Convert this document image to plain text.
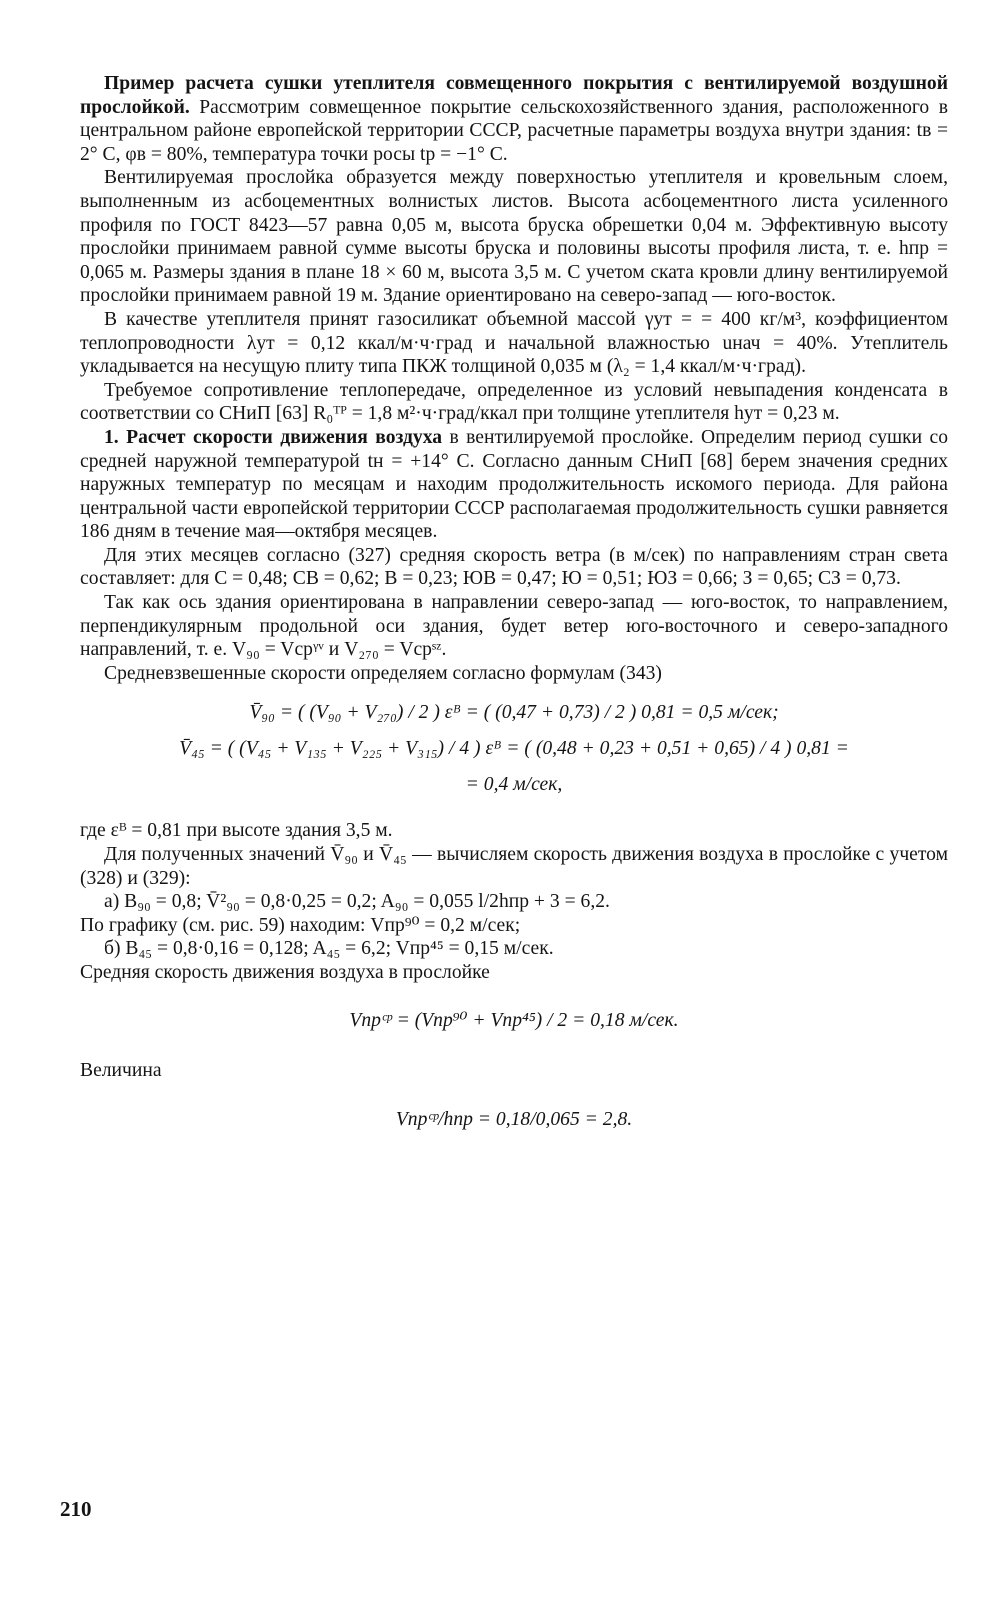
Пример расчета сушки утеплителя совмещенного покрытия с вентилируемой воздушной прослойкой. Рассмотрим совмещенное покрытие сельскохозяйственного здания, расположенного в центральном районе европейской территории СССР, расчетные параметры воздуха внутри здания: tв = 2° С, φв = 80%, температура точки росы tр = −1° С.

Вентилируемая прослойка образуется между поверхностью утеплителя и кровельным слоем, выполненным из асбоцементных волнистых листов. Высота асбоцементного листа усиленного профиля по ГОСТ 8423—57 равна 0,05 м, высота бруска обрешетки 0,04 м. Эффективную высоту прослойки принимаем равной сумме высоты бруска и половины высоты профиля листа, т. е. hпр = 0,065 м. Размеры здания в плане 18 × 60 м, высота 3,5 м. С учетом ската кровли длину вентилируемой прослойки принимаем равной 19 м. Здание ориентировано на северо-запад — юго-восток.

В качестве утеплителя принят газосиликат объемной массой γут = = 400 кг/м³, коэффициентом теплопроводности λут = 0,12 ккал/м·ч·град и начальной влажностью uнач = 40%. Утеплитель укладывается на несущую плиту типа ПКЖ толщиной 0,035 м (λ₂ = 1,4 ккал/м·ч·град).

Требуемое сопротивление теплопередаче, определенное из условий невыпадения конденсата в соответствии со СНиП [63] R₀ᵀᴾ = 1,8 м²·ч·град/ккал при толщине утеплителя hут = 0,23 м.

1. Расчет скорости движения воздуха в вентилируемой прослойке. Определим период сушки со средней наружной температурой tн = +14° С. Согласно данным СНиП [68] берем значения средних наружных температур по месяцам и находим продолжительность искомого периода. Для района центральной части европейской территории СССР располагаемая продолжительность сушки равняется 186 дням в течение мая—октября месяцев.

Для этих месяцев согласно (327) средняя скорость ветра (в м/сек) по направлениям стран света составляет: для С = 0,48; СВ = 0,62; В = 0,23; ЮВ = 0,47; Ю = 0,51; ЮЗ = 0,66; З = 0,65; СЗ = 0,73.

Так как ось здания ориентирована в направлении северо-запад — юго-восток, то направлением, перпендикулярным продольной оси здания, будет ветер юго-восточного и северо-западного направлений, т. е. V₉₀ = Vсрᵞᵛ и V₂₇₀ = Vсрˢᶻ.

Средневзвешенные скорости определяем согласно формулам (343)

V̄₉₀ = ( (V₉₀ + V₂₇₀) / 2 ) εᴮ = ( (0,47 + 0,73) / 2 ) 0,81 = 0,5 м/сек;
V̄₄₅ = ( (V₄₅ + V₁₃₅ + V₂₂₅ + V₃₁₅) / 4 ) εᴮ = ( (0,48 + 0,23 + 0,51 + 0,65) / 4 ) 0,81 =
= 0,4 м/сек,

где εᴮ = 0,81 при высоте здания 3,5 м.

Для полученных значений V̄₉₀ и V̄₄₅ — вычисляем скорость движения воздуха в прослойке с учетом (328) и (329):

а) B₉₀ = 0,8; V̄²₉₀ = 0,8·0,25 = 0,2; A₉₀ = 0,055 l/2hпр + 3 = 6,2.

По графику (см. рис. 59) находим: Vпр⁹⁰ = 0,2 м/сек;

б) B₄₅ = 0,8·0,16 = 0,128; A₄₅ = 6,2; Vпр⁴⁵ = 0,15 м/сек.

Средняя скорость движения воздуха в прослойке

Vпрᶜᵖ = (Vпр⁹⁰ + Vпр⁴⁵) / 2 = 0,18 м/сек.

Величина

Vпрᶜᵖ/hпр = 0,18/0,065 = 2,8.
210
